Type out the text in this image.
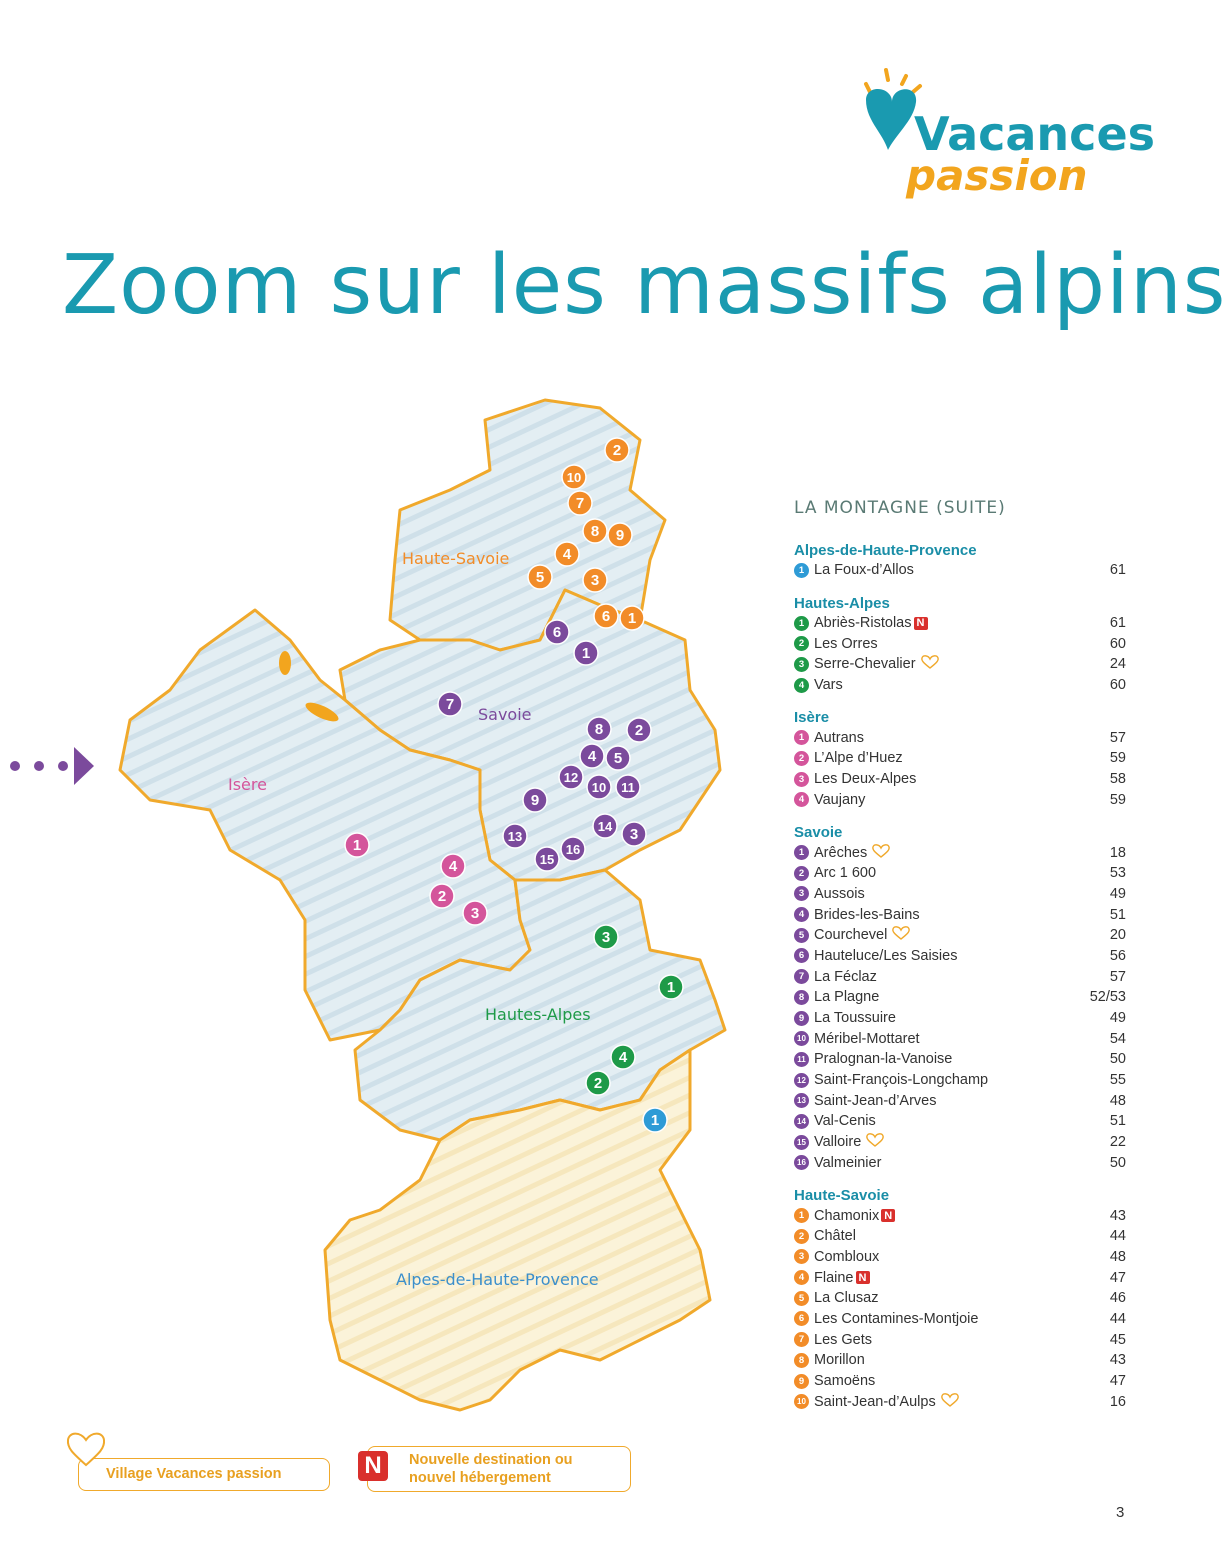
Vacances
passion
Zoom sur les massifs alpins
Haute-Savoie
Savoie
Isère
Hautes-Alpes
Alpes-de-Haute-Provence
2
10
7
8 9
4
5	3
6 1
6
1
7
8 2
4 5
12
10 11
9
14 3
13
15
16
1
4
2
3
3
1
4
2
1
LA MONTAGNE (SUITE)
Alpes-de-Haute-Provence
1 La Foux-d’Allos	61
Hautes-Alpes
1 Abriès-Ristolas N	61
2 Les Orres	60
3 Serre-Chevalier	24
4 Vars	60
Isère
1 Autrans	57
2 L’Alpe d’Huez	59
3 Les Deux-Alpes	58
4 Vaujany	59
Savoie
1 Arêches	18
2 Arc 1 600	53
3 Aussois	49
4 Brides-les-Bains	51
5 Courchevel	20
6 Hauteluce/Les Saisies	56
7 La Féclaz	57
8 La Plagne	52/53
9 La Toussuire	49
10 Méribel-Mottaret	54
11 Pralognan-la-Vanoise	50
12 Saint-François-Longchamp	55
13 Saint-Jean-d’Arves	48
14 Val-Cenis	51
15 Valloire	22
16 Valmeinier	50
Haute-Savoie
1 Chamonix N	43
2 Châtel	44
3 Combloux	48
4 Flaine N	47
5 La Clusaz	46
6 Les Contamines-Montjoie	44
7 Les Gets	45
8 Morillon	43
9 Samoëns	47
10 Saint-Jean-d’Aulps	16
Village Vacances passion	N	Nouvelle destination ou
nouvel hébergement
3
